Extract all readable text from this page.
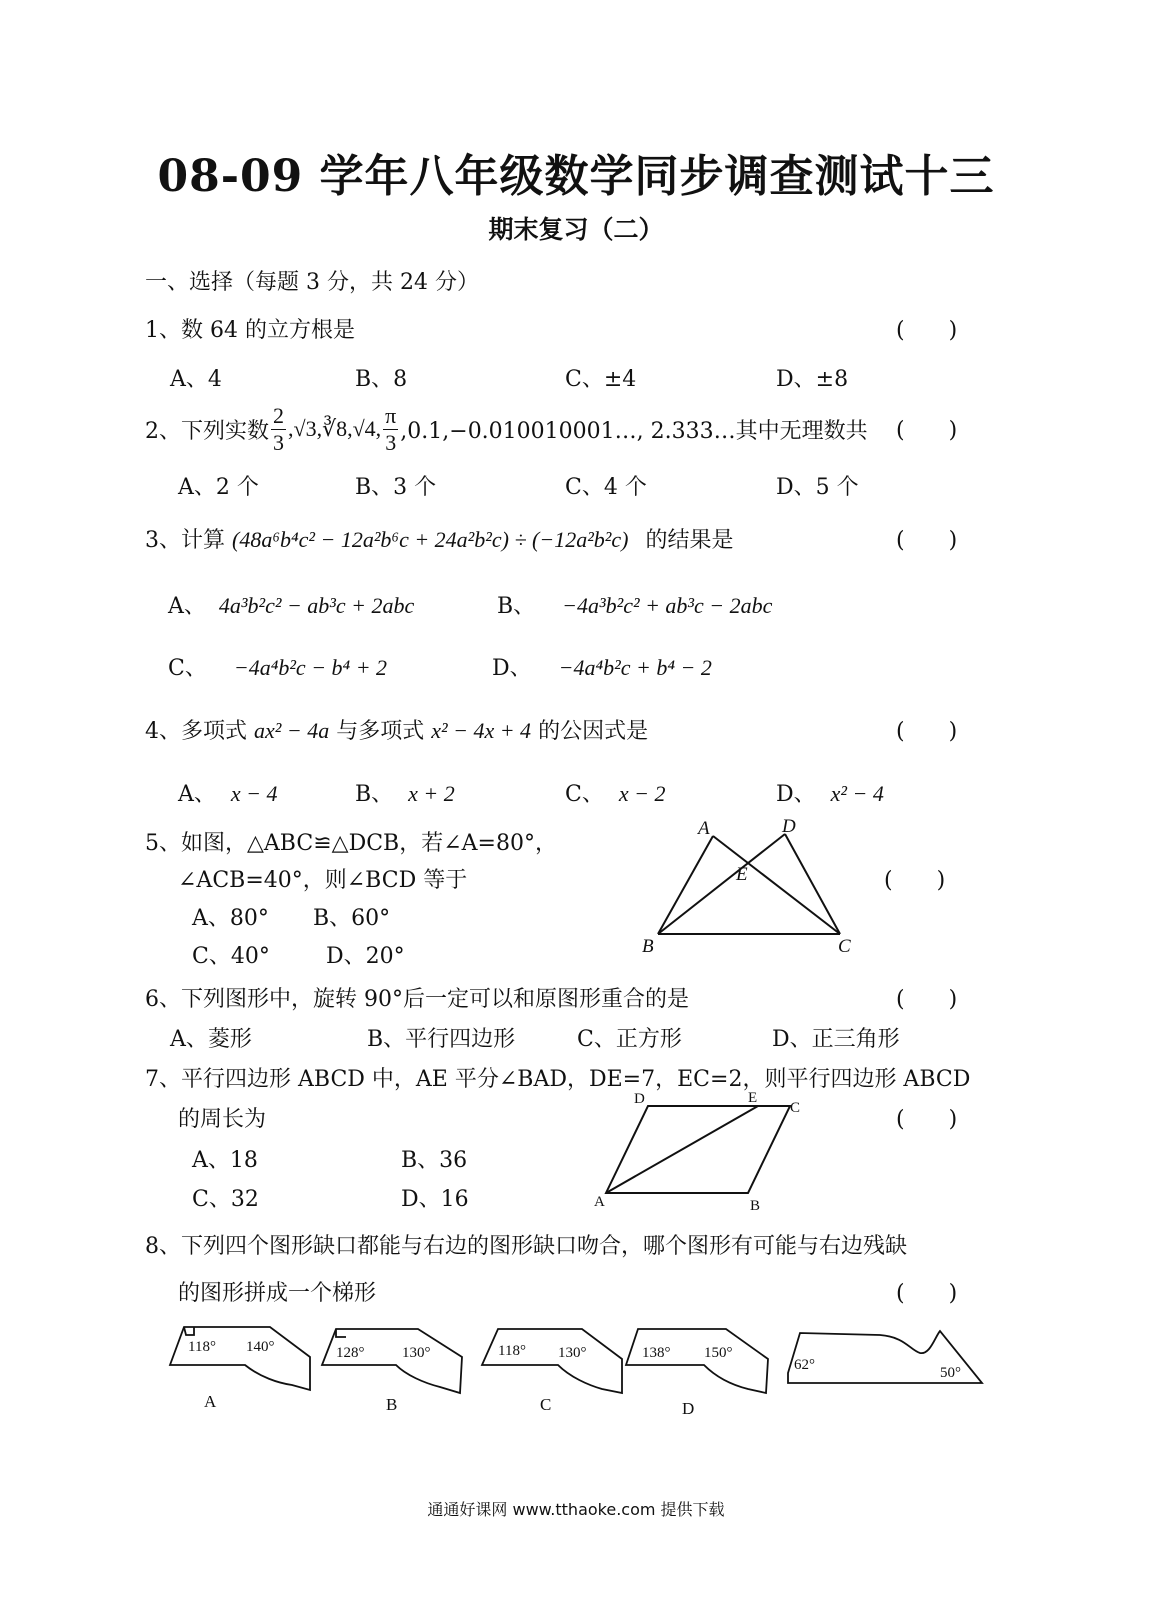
08-09 学年八年级数学同步调查测试十三
期末复习（二）
一、选择（每题 3 分，共 24 分）
1、数 64 的立方根是	(　　)
A、4	B、8	C、±4	D、±8
2、下列实数 $\frac{2}{3}$ ,√3,∛8,√4, $\frac{\pi}{3}$ ,0.1,−0.010010001…, 2.333…其中无理数共 (　　)
A、2 个	B、3 个	C、4 个	D、5 个
3、计算 (48a⁶b⁴c² − 12a²b⁶c + 24a²b²c) ÷ (−12a²b²c) 的结果是	(　　)
A、 4a³b²c² − ab³c + 2abc	B、 −4a³b²c² + ab³c − 2abc
C、 −4a⁴b²c − b⁴ + 2	D、 −4a⁴b²c + b⁴ − 2
4、多项式 ax² − 4a 与多项式 x² − 4x + 4 的公因式是	(　　)
A、 x − 4	B、 x + 2	C、 x − 2	D、 x² − 4
5、如图，△ABC≌△DCB，若∠A=80°，
∠ACB=40°，则∠BCD 等于	(　　)
A、80° B、60°
C、40°	D、20°
A	D
E
B	C
6、下列图形中，旋转 90°后一定可以和原图形重合的是	(　　)
A、菱形	B、平行四边形	C、正方形	D、正三角形
7、平行四边形 ABCD 中，AE 平分∠BAD，DE=7，EC=2，则平行四边形 ABCD
的周长为	(　　)
A、18	B、36
C、32	D、16
D	E
C
A	B
8、下列四个图形缺口都能与右边的图形缺口吻合，哪个图形有可能与右边残缺
的图形拼成一个梯形	(　　)
118° 140°	128°	130°	118° 130°	138° 150°
62°	50°
A	B	C	D
通通好课网 www.tthaoke.com 提供下载
